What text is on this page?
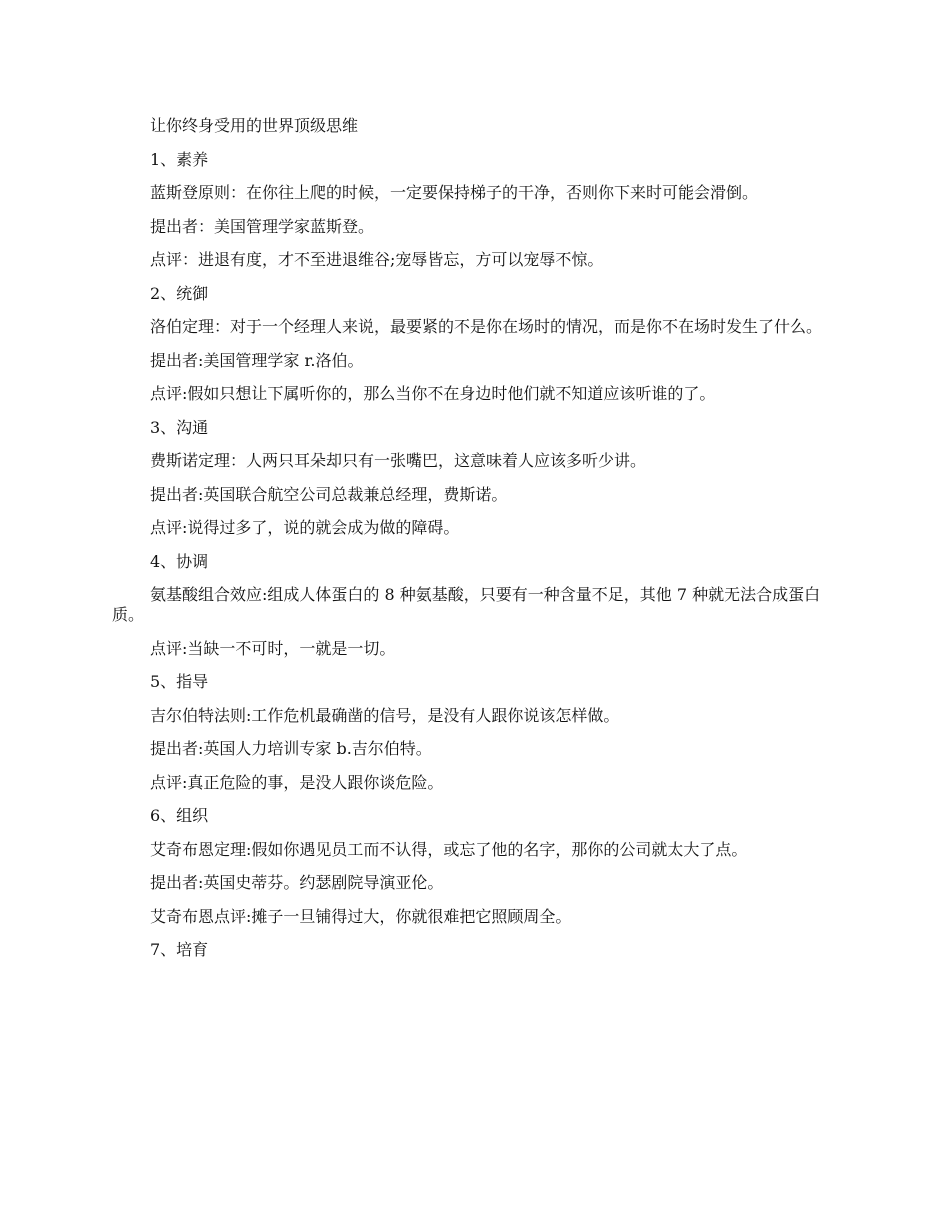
让你终身受用的世界顶级思维

1、素养

蓝斯登原则：在你往上爬的时候，一定要保持梯子的干净，否则你下来时可能会滑倒。

提出者：美国管理学家蓝斯登。

点评：进退有度，才不至进退维谷;宠辱皆忘，方可以宠辱不惊。

2、统御

洛伯定理：对于一个经理人来说，最要紧的不是你在场时的情况，而是你不在场时发生了什么。

提出者:美国管理学家 r.洛伯。

点评:假如只想让下属听你的，那么当你不在身边时他们就不知道应该听谁的了。

3、沟通

费斯诺定理：人两只耳朵却只有一张嘴巴，这意味着人应该多听少讲。

提出者:英国联合航空公司总裁兼总经理，费斯诺。

点评:说得过多了，说的就会成为做的障碍。

4、协调

氨基酸组合效应:组成人体蛋白的 8 种氨基酸，只要有一种含量不足，其他 7 种就无法合成蛋白质。

点评:当缺一不可时，一就是一切。

5、指导

吉尔伯特法则:工作危机最确凿的信号，是没有人跟你说该怎样做。

提出者:英国人力培训专家 b.吉尔伯特。

点评:真正危险的事，是没人跟你谈危险。

6、组织

艾奇布恩定理:假如你遇见员工而不认得，或忘了他的名字，那你的公司就太大了点。

提出者:英国史蒂芬。约瑟剧院导演亚伦。

艾奇布恩点评:摊子一旦铺得过大，你就很难把它照顾周全。

7、培育
